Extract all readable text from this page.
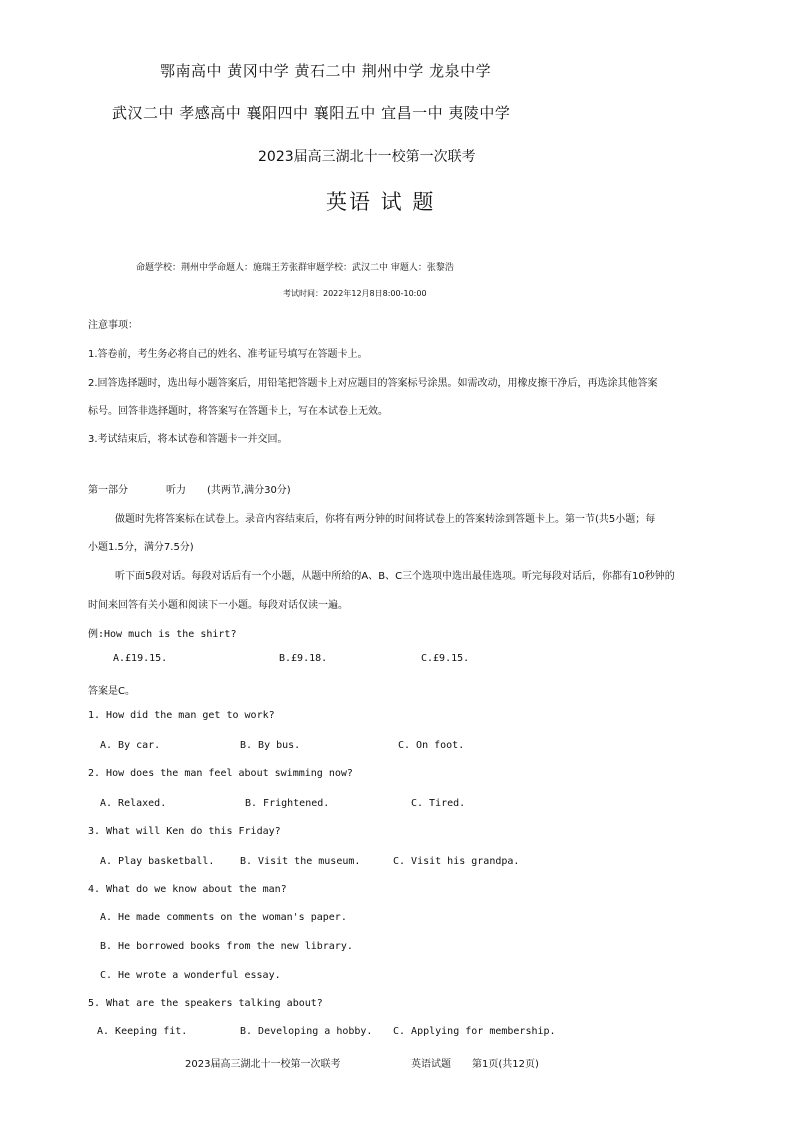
鄂南高中 黄冈中学 黄石二中 荆州中学 龙泉中学
武汉二中 孝感高中 襄阳四中 襄阳五中 宜昌一中 夷陵中学
2023届高三湖北十一校第一次联考
英语 试 题
命题学校：荆州中学命题人：施瑞王芳张群审题学校：武汉二中 审题人：张黎浩
考试时间：2022年12月8日8:00-10:00
注意事项：
1.答卷前，考生务必将自己的姓名、准考证号填写在答题卡上。
2.回答选择题时，选出每小题答案后，用铅笔把答题卡上对应题目的答案标号涂黑。如需改动，用橡皮擦干净后，再选涂其他答案
标号。回答非选择题时，将答案写在答题卡上，写在本试卷上无效。
3.考试结束后，将本试卷和答题卡一并交回。
第一部分	听力 (共两节,满分30分)
做题时先将答案标在试卷上。录音内容结束后，你将有两分钟的时间将试卷上的答案转涂到答题卡上。第一节(共5小题；每
小题1.5分，满分7.5分)
听下面5段对话。每段对话后有一个小题，从题中所给的A、B、C三个选项中选出最佳选项。听完每段对话后，你都有10秒钟的
时间来回答有关小题和阅读下一小题。每段对话仅读一遍。
例:How much is the shirt?
A.£19.15.	B.£9.18.	C.£9.15.
答案是C。
1. How did the man get to work?
A. By car.	B. By bus.	C. On foot.
2. How does the man feel about swimming now?
A. Relaxed.	B. Frightened.	C. Tired.
3. What will Ken do this Friday?
A. Play basketball.	B. Visit the museum.	C. Visit his grandpa.
4. What do we know about the man?
A. He made comments on the woman's paper.
B. He borrowed books from the new library.
C. He wrote a wonderful essay.
5. What are the speakers talking about?
A. Keeping fit.	B. Developing a hobby. C. Applying for membership.
2023届高三湖北十一校第一次联考	英语试题 第1页(共12页)
